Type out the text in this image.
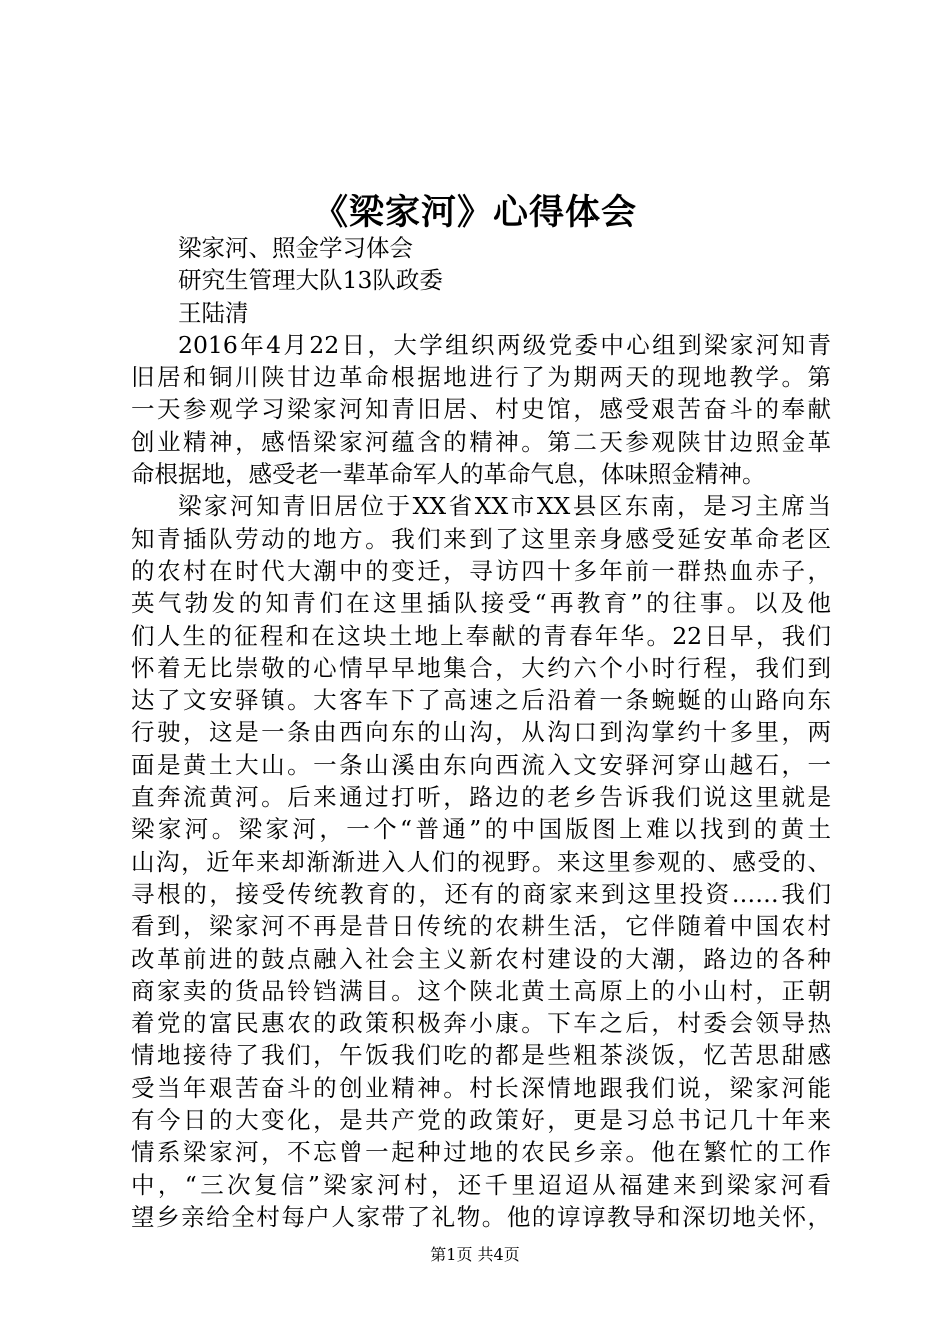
《梁家河》心得体会
梁家河、照金学习体会
研究生管理大队13队政委
王陆清
2016年4月22日，大学组织两级党委中心组到梁家河知青
旧居和铜川陕甘边革命根据地进行了为期两天的现地教学。第
一天参观学习梁家河知青旧居、村史馆，感受艰苦奋斗的奉献
创业精神，感悟梁家河蕴含的精神。第二天参观陕甘边照金革
命根据地，感受老一辈革命军人的革命气息，体味照金精神。
梁家河知青旧居位于XX省XX市XX县区东南，是习主席当
知青插队劳动的地方。我们来到了这里亲身感受延安革命老区
的农村在时代大潮中的变迁，寻访四十多年前一群热血赤子，
英气勃发的知青们在这里插队接受“再教育”的往事。以及他
们人生的征程和在这块土地上奉献的青春年华。22日早，我们
怀着无比崇敬的心情早早地集合，大约六个小时行程，我们到
达了文安驿镇。大客车下了高速之后沿着一条蜿蜒的山路向东
行驶，这是一条由西向东的山沟，从沟口到沟掌约十多里，两
面是黄土大山。一条山溪由东向西流入文安驿河穿山越石，一
直奔流黄河。后来通过打听，路边的老乡告诉我们说这里就是
梁家河。梁家河，一个“普通”的中国版图上难以找到的黄土
山沟，近年来却渐渐进入人们的视野。来这里参观的、感受的、
寻根的，接受传统教育的，还有的商家来到这里投资……我们
看到，梁家河不再是昔日传统的农耕生活，它伴随着中国农村
改革前进的鼓点融入社会主义新农村建设的大潮，路边的各种
商家卖的货品铃铛满目。这个陕北黄土高原上的小山村，正朝
着党的富民惠农的政策积极奔小康。下车之后，村委会领导热
情地接待了我们，午饭我们吃的都是些粗茶淡饭，忆苦思甜感
受当年艰苦奋斗的创业精神。村长深情地跟我们说，梁家河能
有今日的大变化，是共产党的政策好，更是习总书记几十年来
情系梁家河，不忘曾一起种过地的农民乡亲。他在繁忙的工作
中，“三次复信”梁家河村，还千里迢迢从福建来到梁家河看
望乡亲给全村每户人家带了礼物。他的谆谆教导和深切地关怀，
第1页 共4页
